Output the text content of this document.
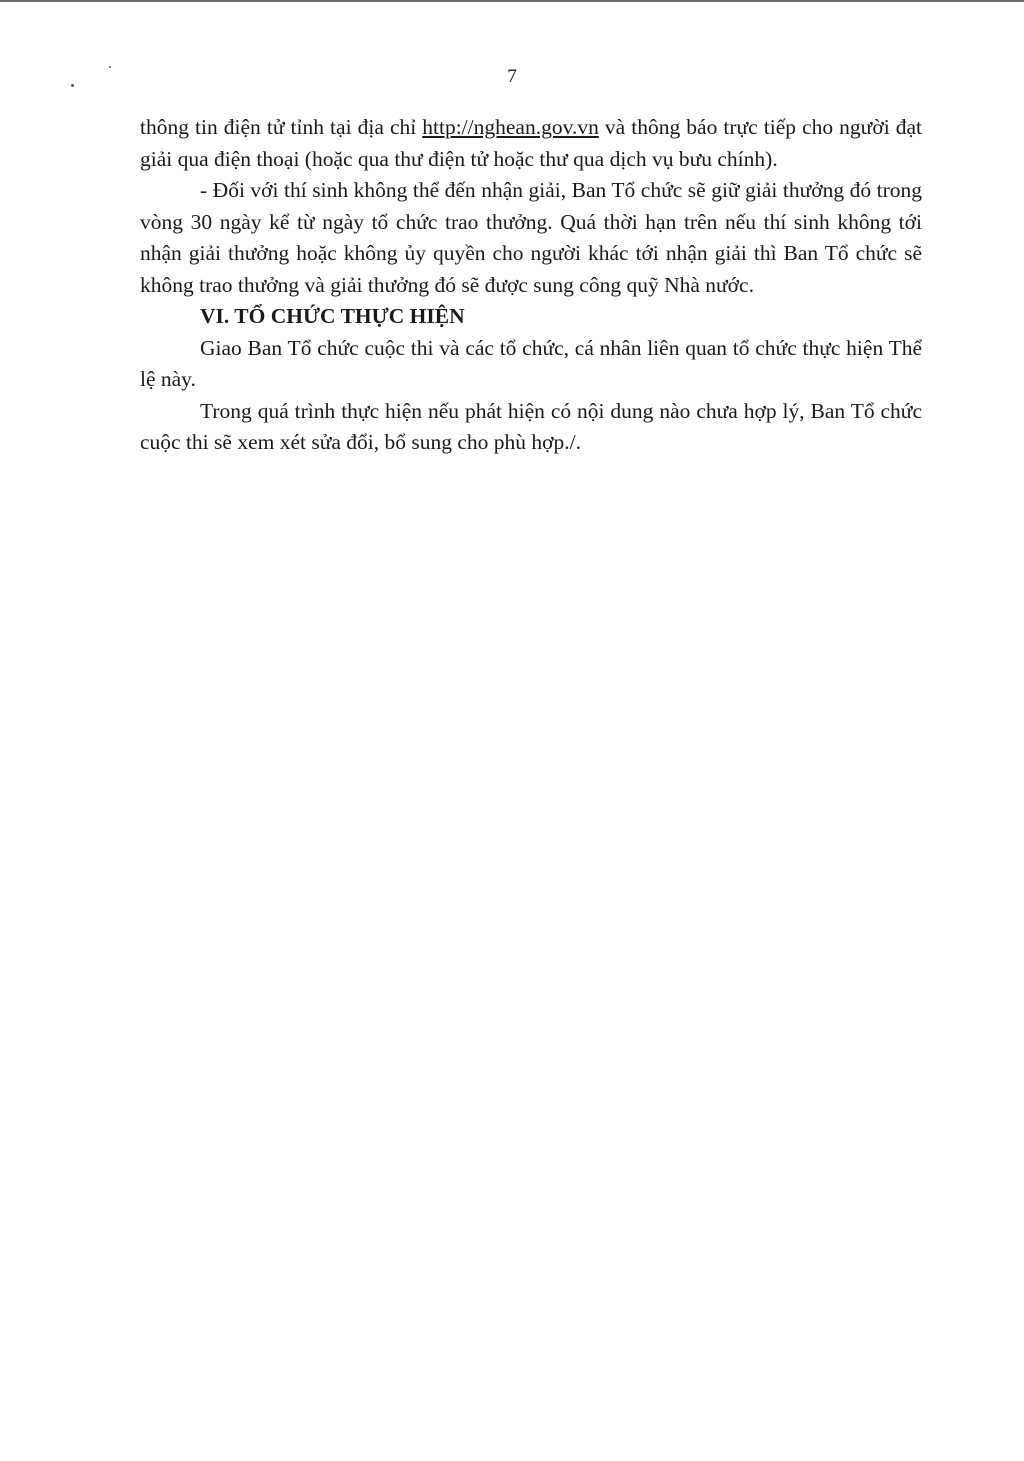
7

thông tin điện tử tỉnh tại địa chỉ http://nghean.gov.vn và thông báo trực tiếp cho người đạt giải qua điện thoại (hoặc qua thư điện tử hoặc thư qua dịch vụ bưu chính).

- Đối với thí sinh không thể đến nhận giải, Ban Tổ chức sẽ giữ giải thưởng đó trong vòng 30 ngày kể từ ngày tổ chức trao thưởng. Quá thời hạn trên nếu thí sinh không tới nhận giải thưởng hoặc không ủy quyền cho người khác tới nhận giải thì Ban Tổ chức sẽ không trao thưởng và giải thưởng đó sẽ được sung công quỹ Nhà nước.

VI. TỔ CHỨC THỰC HIỆN

Giao Ban Tổ chức cuộc thi và các tổ chức, cá nhân liên quan tổ chức thực hiện Thể lệ này.

Trong quá trình thực hiện nếu phát hiện có nội dung nào chưa hợp lý, Ban Tổ chức cuộc thi sẽ xem xét sửa đổi, bổ sung cho phù hợp./.
